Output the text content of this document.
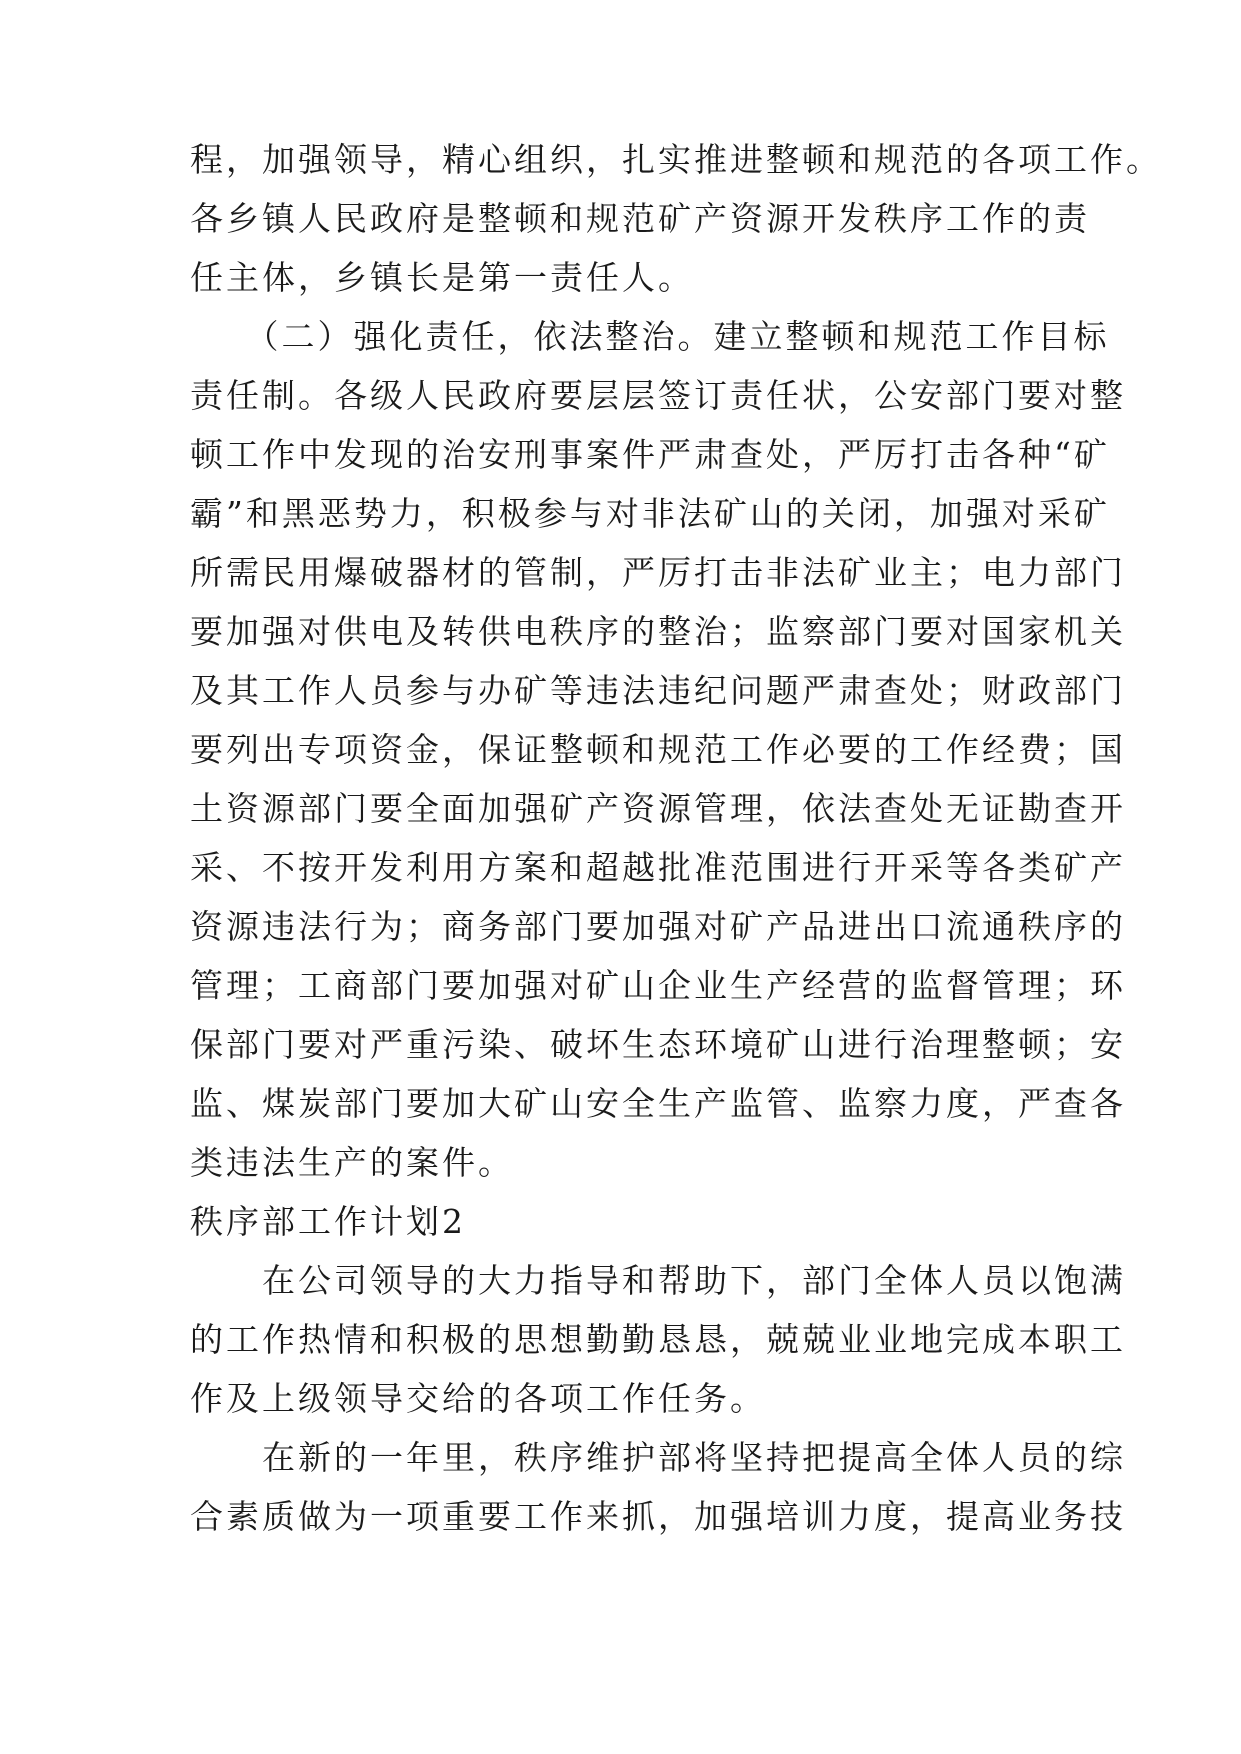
程，加强领导，精心组织，扎实推进整顿和规范的各项工作。
各乡镇人民政府是整顿和规范矿产资源开发秩序工作的责
任主体，乡镇长是第一责任人。
　　（二）强化责任，依法整治。建立整顿和规范工作目标
责任制。各级人民政府要层层签订责任状，公安部门要对整
顿工作中发现的治安刑事案件严肃查处，严厉打击各种“矿
霸”和黑恶势力，积极参与对非法矿山的关闭，加强对采矿
所需民用爆破器材的管制，严厉打击非法矿业主；电力部门
要加强对供电及转供电秩序的整治；监察部门要对国家机关
及其工作人员参与办矿等违法违纪问题严肃查处；财政部门
要列出专项资金，保证整顿和规范工作必要的工作经费；国
土资源部门要全面加强矿产资源管理，依法查处无证勘查开
采、不按开发利用方案和超越批准范围进行开采等各类矿产
资源违法行为；商务部门要加强对矿产品进出口流通秩序的
管理；工商部门要加强对矿山企业生产经营的监督管理；环
保部门要对严重污染、破坏生态环境矿山进行治理整顿；安
监、煤炭部门要加大矿山安全生产监管、监察力度，严查各
类违法生产的案件。
秩序部工作计划2
　　在公司领导的大力指导和帮助下，部门全体人员以饱满
的工作热情和积极的思想勤勤恳恳，兢兢业业地完成本职工
作及上级领导交给的各项工作任务。
　　在新的一年里，秩序维护部将坚持把提高全体人员的综
合素质做为一项重要工作来抓，加强培训力度，提高业务技
